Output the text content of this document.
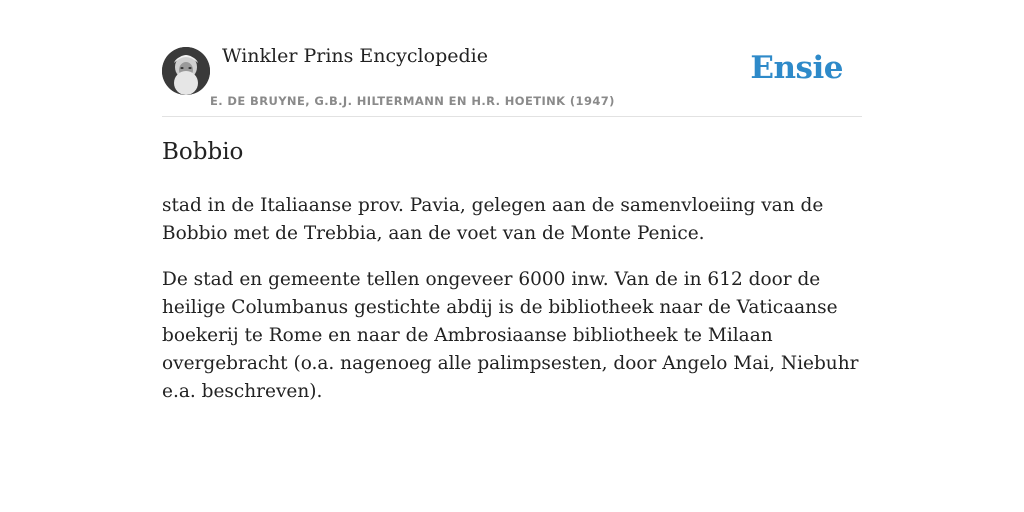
Winkler Prins Encyclopedie
E. DE BRUYNE, G.B.J. HILTERMANN EN H.R. HOETINK (1947)
Ensie
Bobbio

stad in de Italiaanse prov. Pavia, gelegen aan de samenvloeiing van de Bobbio met de Trebbia, aan de voet van de Monte Penice.

De stad en gemeente tellen ongeveer 6000 inw. Van de in 612 door de heilige Columbanus gestichte abdij is de bibliotheek naar de Vaticaanse boekerij te Rome en naar de Ambrosiaanse bibliotheek te Milaan overgebracht (o.a. nagenoeg alle palimpsesten, door Angelo Mai, Niebuhr e.a. beschreven).
